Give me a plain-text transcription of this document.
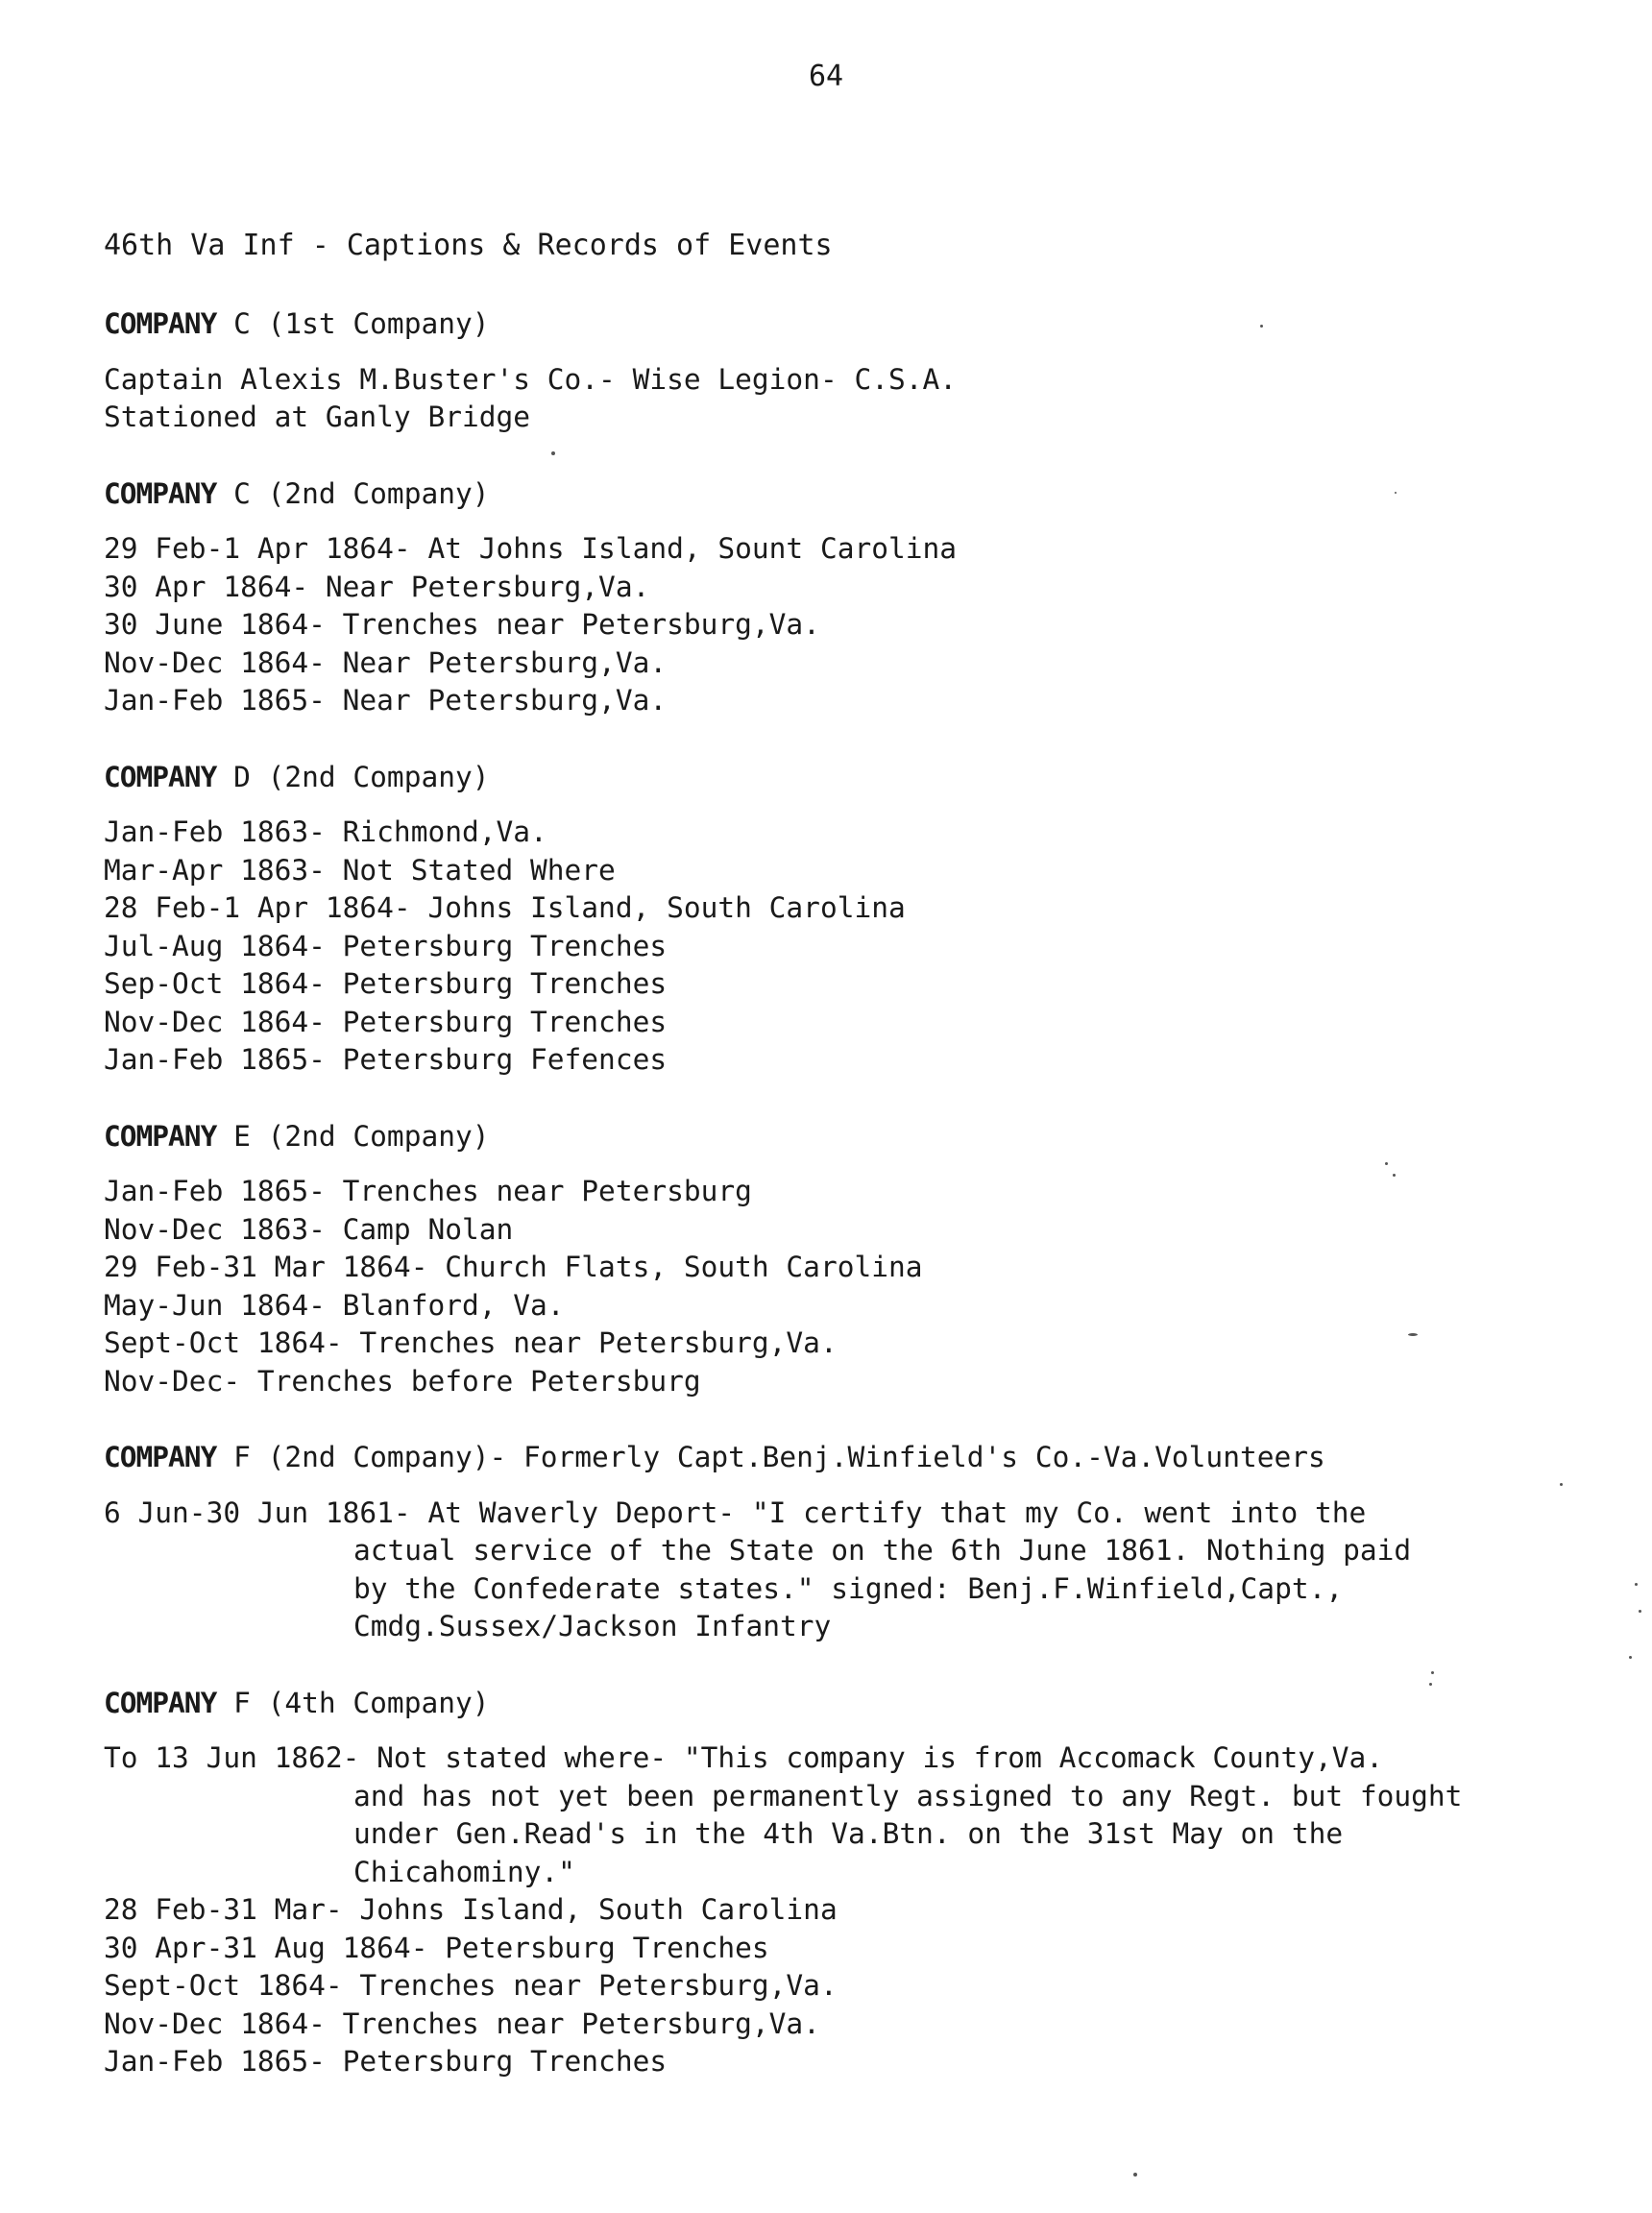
64
46th Va Inf - Captions & Records of Events
COMPANY C (1st Company)
Captain Alexis M.Buster's Co.- Wise Legion- C.S.A.
Stationed at Ganly Bridge
COMPANY C (2nd Company)
29 Feb-1 Apr 1864- At Johns Island, Sount Carolina
30 Apr 1864- Near Petersburg,Va.
30 June 1864- Trenches near Petersburg,Va.
Nov-Dec 1864- Near Petersburg,Va.
Jan-Feb 1865- Near Petersburg,Va.
COMPANY D (2nd Company)
Jan-Feb 1863- Richmond,Va.
Mar-Apr 1863- Not Stated Where
28 Feb-1 Apr 1864- Johns Island, South Carolina
Jul-Aug 1864- Petersburg Trenches
Sep-Oct 1864- Petersburg Trenches
Nov-Dec 1864- Petersburg Trenches
Jan-Feb 1865- Petersburg Fefences
COMPANY E (2nd Company)
Jan-Feb 1865- Trenches near Petersburg
Nov-Dec 1863- Camp Nolan
29 Feb-31 Mar 1864- Church Flats, South Carolina
May-Jun 1864- Blanford, Va.
Sept-Oct 1864- Trenches near Petersburg,Va.
Nov-Dec- Trenches before Petersburg
COMPANY F (2nd Company)- Formerly Capt.Benj.Winfield's Co.-Va.Volunteers
6 Jun-30 Jun 1861- At Waverly Deport- "I certify that my Co. went into the
actual service of the State on the 6th June 1861. Nothing paid
by the Confederate states." signed: Benj.F.Winfield,Capt.,
Cmdg.Sussex/Jackson Infantry
COMPANY F (4th Company)
To 13 Jun 1862- Not stated where- "This company is from Accomack County,Va.
and has not yet been permanently assigned to any Regt. but fought
under Gen.Read's in the 4th Va.Btn. on the 31st May on the
Chicahominy."
28 Feb-31 Mar- Johns Island, South Carolina
30 Apr-31 Aug 1864- Petersburg Trenches
Sept-Oct 1864- Trenches near Petersburg,Va.
Nov-Dec 1864- Trenches near Petersburg,Va.
Jan-Feb 1865- Petersburg Trenches
